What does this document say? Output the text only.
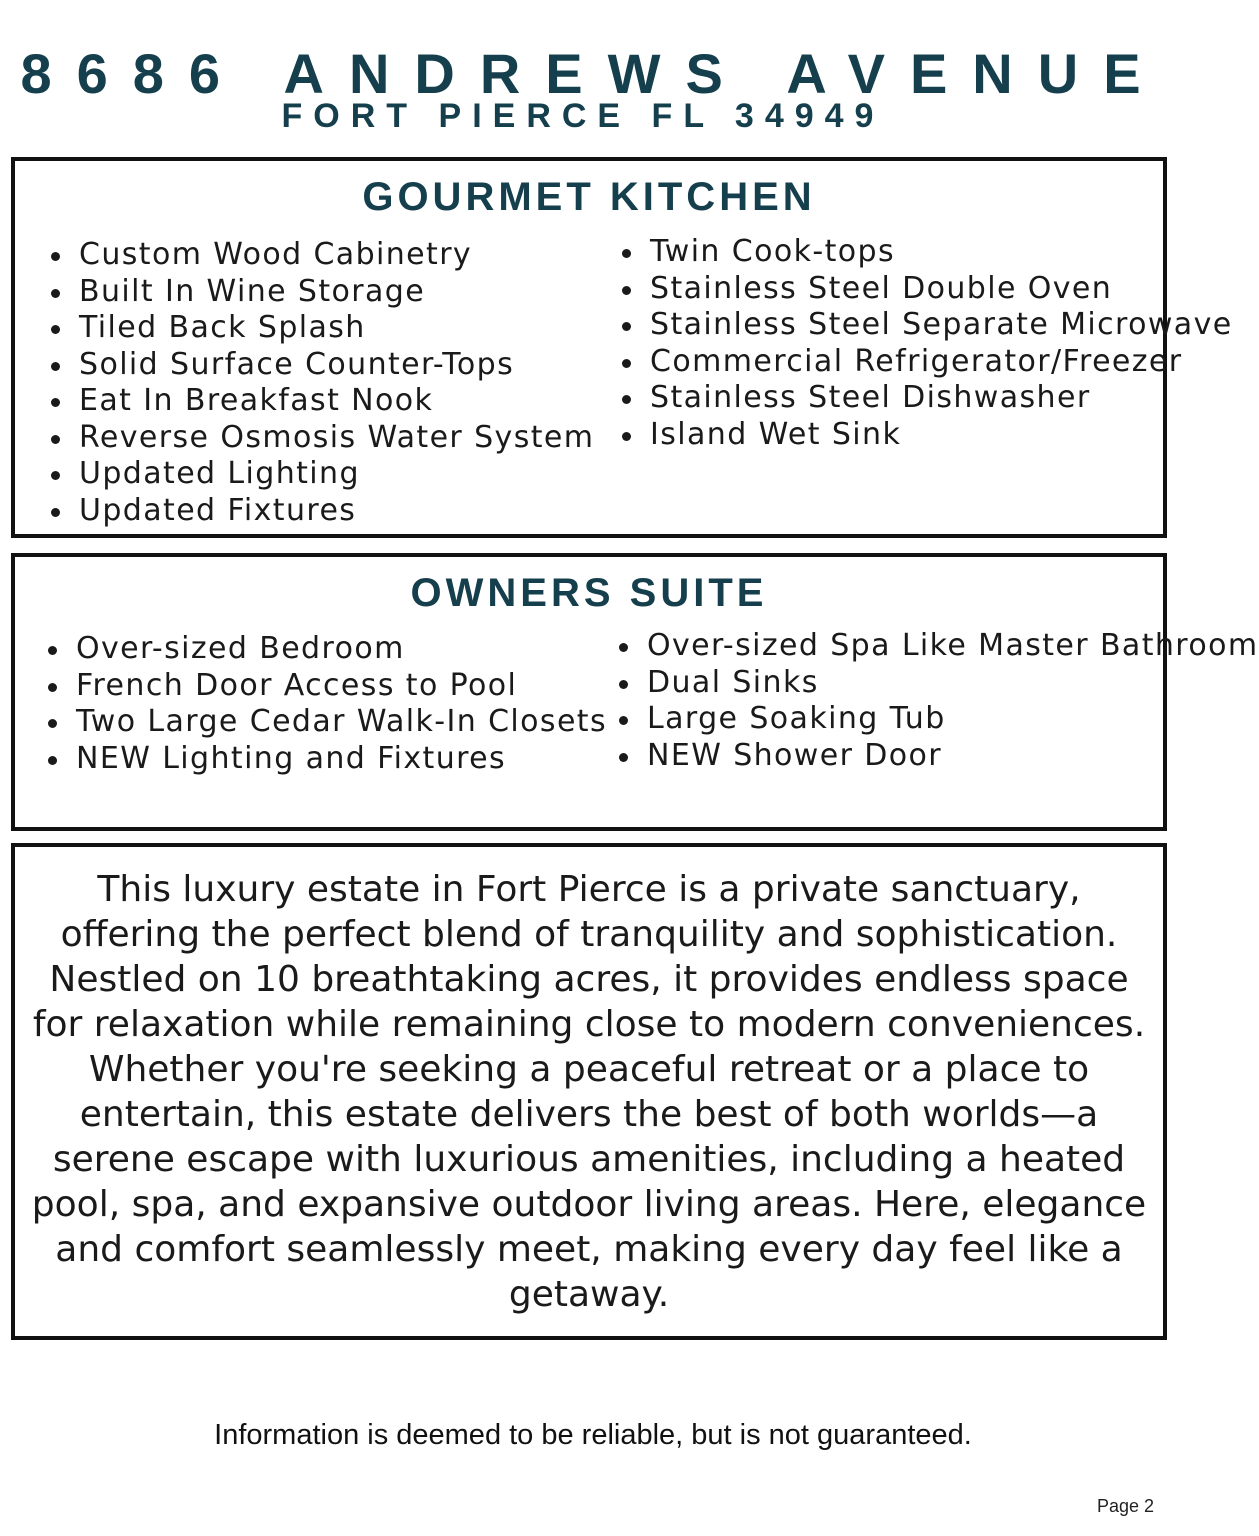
8686 ANDREWS AVENUE
FORT PIERCE FL 34949
GOURMET KITCHEN
Custom Wood Cabinetry
Built In Wine Storage
Tiled Back Splash
Solid Surface Counter-Tops
Eat In Breakfast Nook
Reverse Osmosis Water System
Updated Lighting
Updated Fixtures
Twin Cook-tops
Stainless Steel Double Oven
Stainless Steel Separate Microwave
Commercial Refrigerator/Freezer
Stainless Steel Dishwasher
Island Wet Sink
OWNERS SUITE
Over-sized Bedroom
French Door Access to Pool
Two Large Cedar Walk-In Closets
NEW Lighting and Fixtures
Over-sized Spa Like Master Bathroom
Dual Sinks
Large Soaking Tub
NEW Shower Door

This luxury estate in Fort Pierce is a private sanctuary, offering the perfect blend of tranquility and sophistication. Nestled on 10 breathtaking acres, it provides endless space for relaxation while remaining close to modern conveniences. Whether you're seeking a peaceful retreat or a place to entertain, this estate delivers the best of both worlds—a serene escape with luxurious amenities, including a heated pool, spa, and expansive outdoor living areas. Here, elegance and comfort seamlessly meet, making every day feel like a getaway.

Information is deemed to be reliable, but is not guaranteed.

Page 2
